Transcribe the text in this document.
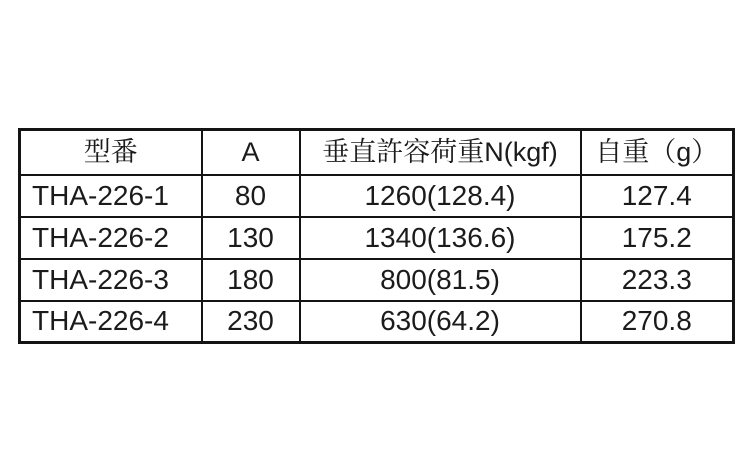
型番	A	垂直許容荷重N(kgf)	自重（g）
THA-226-1	80	1260(128.4)	127.4
THA-226-2	130	1340(136.6)	175.2
THA-226-3	180	800(81.5)	223.3
THA-226-4	230	630(64.2)	270.8
